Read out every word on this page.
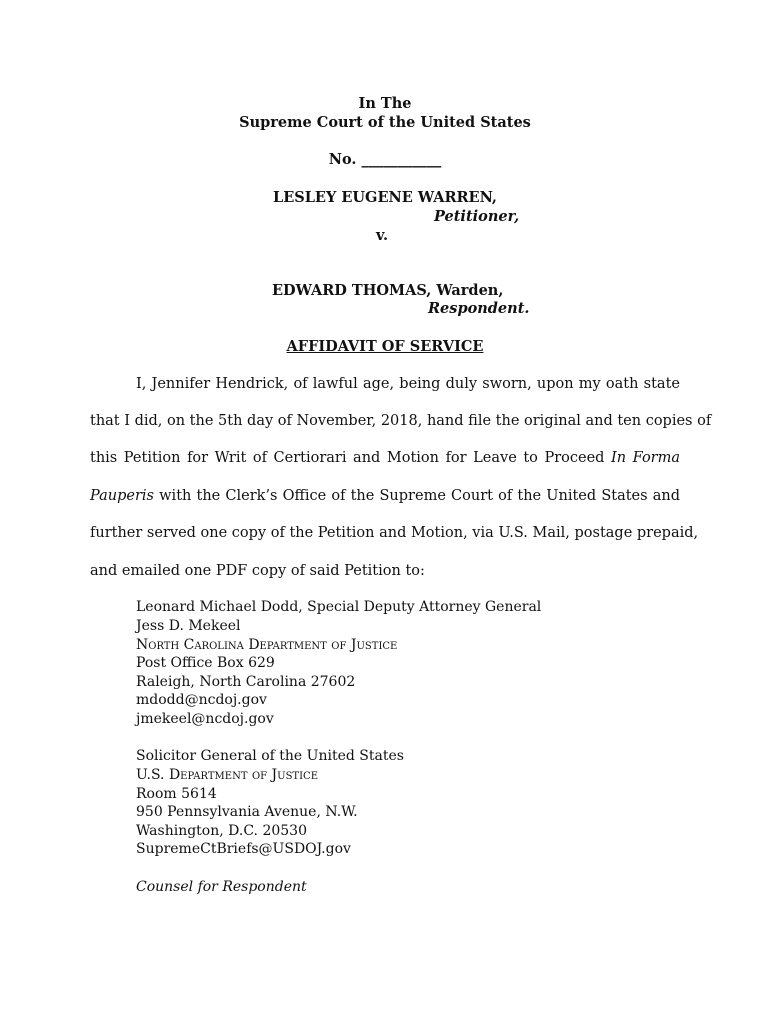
In The
Supreme Court of the United States
No. ___________
LESLEY EUGENE WARREN,
Petitioner,
v.
EDWARD THOMAS, Warden,
Respondent.
AFFIDAVIT OF SERVICE
I, Jennifer Hendrick, of lawful age, being duly sworn, upon my oath state
that I did, on the 5th day of November, 2018, hand file the original and ten copies of
this Petition for Writ of Certiorari and Motion for Leave to Proceed In Forma
Pauperis with the Clerk’s Office of the Supreme Court of the United States and
further served one copy of the Petition and Motion, via U.S. Mail, postage prepaid,
and emailed one PDF copy of said Petition to:
Leonard Michael Dodd, Special Deputy Attorney General
Jess D. Mekeel
North Carolina Department of Justice
Post Office Box 629
Raleigh, North Carolina 27602
mdodd@ncdoj.gov
jmekeel@ncdoj.gov
Solicitor General of the United States
U.S. Department of Justice
Room 5614
950 Pennsylvania Avenue, N.W.
Washington, D.C. 20530
SupremeCtBriefs@USDOJ.gov
Counsel for Respondent
